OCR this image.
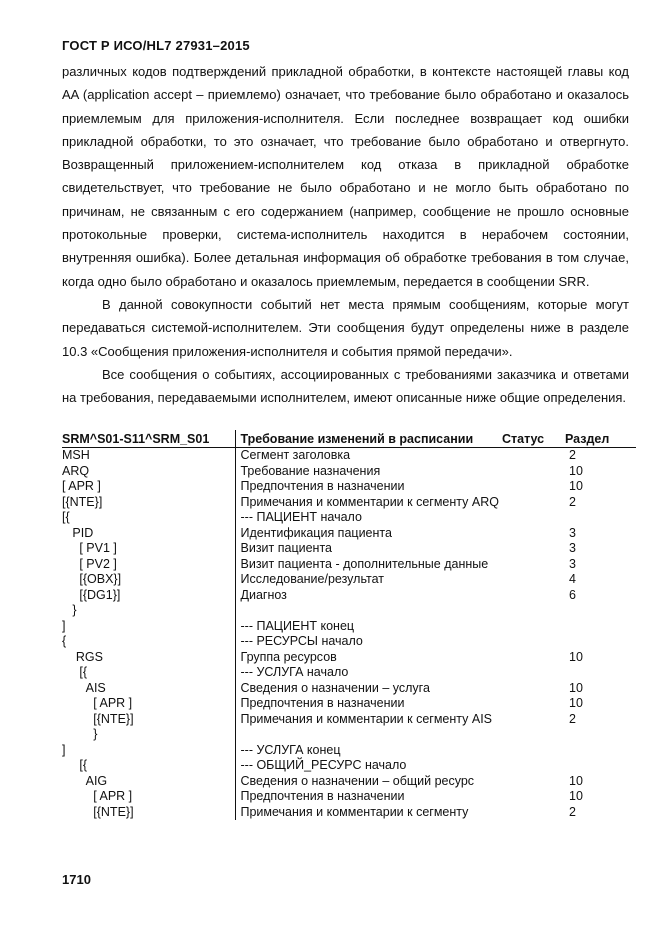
ГОСТ Р ИСО/HL7 27931–2015

различных кодов подтверждений прикладной обработки, в контексте настоящей главы код AA (application accept – приемлемо) означает, что требование было обработано и оказалось приемлемым для приложения-исполнителя. Если последнее возвращает код ошибки прикладной обработки, то это означает, что требование было обработано и отвергнуто. Возвращенный приложением-исполнителем код отказа в прикладной обработке свидетельствует, что требование не было обработано и не могло быть обработано по причинам, не связанным с его содержанием (например, сообщение не прошло основные протокольные проверки, система-исполнитель находится в нерабочем состоянии, внутренняя ошибка). Более детальная информация об обработке требования в том случае, когда одно было обработано и оказалось приемлемым, передается в сообщении SRR.

В данной совокупности событий нет места прямым сообщениям, которые могут передаваться системой-исполнителем. Эти сообщения будут определены ниже в разделе 10.3 «Сообщения приложения-исполнителя и события прямой передачи».

Все сообщения о событиях, ассоциированных с требованиями заказчика и ответами на требования, передаваемыми исполнителем, имеют описанные ниже общие определения.

SRM^S01-S11^SRM_S01	Требование изменений в расписании	Статус	Раздел
MSH	Сегмент заголовка		2
ARQ	Требование назначения		10
[ APR ]	Предпочтения в назначении		10
[{NTE}]	Примечания и комментарии к сегменту ARQ		2
[{	--- ПАЦИЕНТ начало		
PID	Идентификация пациента		3
[ PV1 ]	Визит пациента		3
[ PV2 ]	Визит пациента - дополнительные данные		3
[{OBX}]	Исследование/результат		4
[{DG1}]	Диагноз		6
}			
]	--- ПАЦИЕНТ конец		
{	--- РЕСУРСЫ начало		
RGS	Группа ресурсов		10
[{	--- УСЛУГА начало		
AIS	Сведения о назначении – услуга		10
[ APR ]	Предпочтения в назначении		10
[{NTE}]	Примечания и комментарии к сегменту AIS		2
}			
]	--- УСЛУГА конец		
[{	--- ОБЩИЙ_РЕСУРС начало		
AIG	Сведения о назначении – общий ресурс		10
[ APR ]	Предпочтения в назначении		10
[{NTE}]	Примечания и комментарии к сегменту		2
1710
